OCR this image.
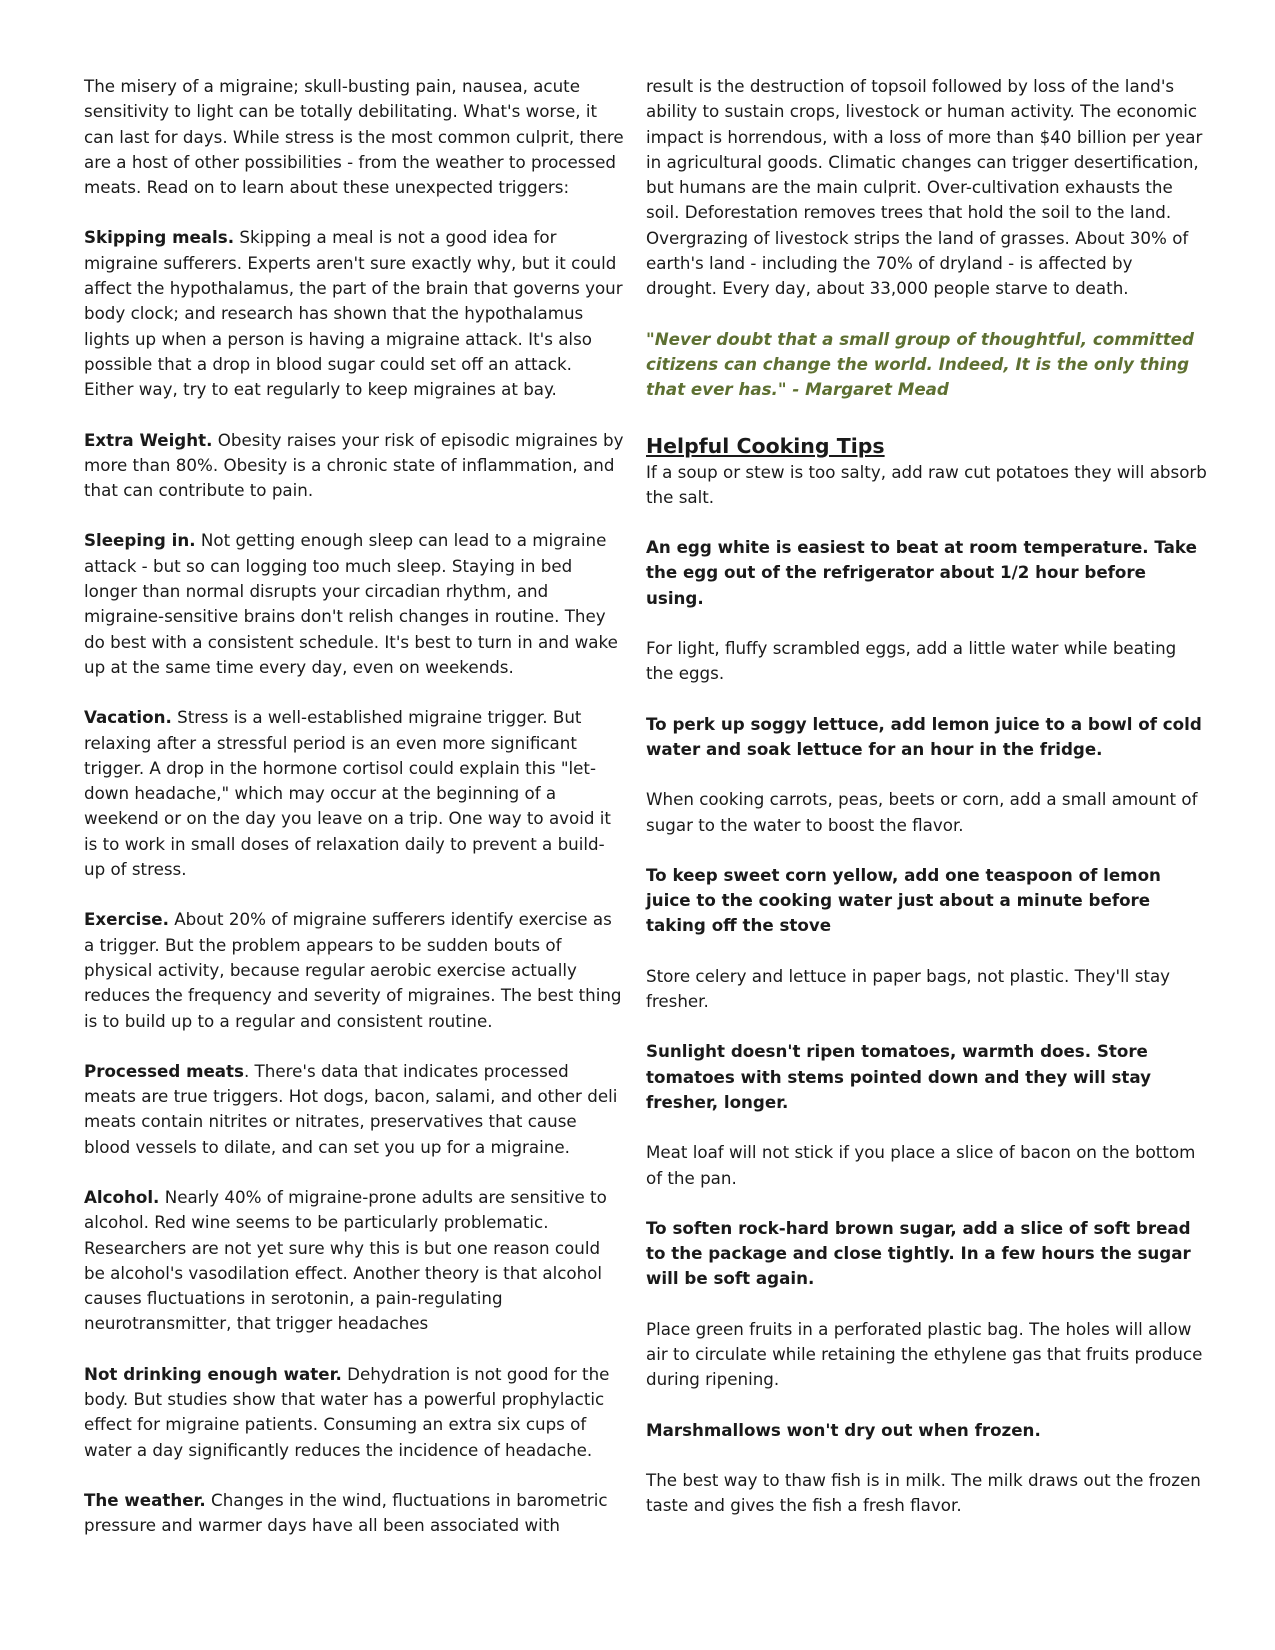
The misery of a migraine; skull-busting pain, nausea, acute sensitivity to light can be totally debilitating. What's worse, it can last for days. While stress is the most common culprit, there are a host of other possibilities - from the weather to processed meats. Read on to learn about these unexpected triggers:

Skipping meals. Skipping a meal is not a good idea for migraine sufferers. Experts aren't sure exactly why, but it could affect the hypothalamus, the part of the brain that governs your body clock; and research has shown that the hypothalamus lights up when a person is having a migraine attack. It's also possible that a drop in blood sugar could set off an attack. Either way, try to eat regularly to keep migraines at bay.

Extra Weight. Obesity raises your risk of episodic migraines by more than 80%. Obesity is a chronic state of inflammation, and that can contribute to pain.

Sleeping in. Not getting enough sleep can lead to a migraine attack - but so can logging too much sleep. Staying in bed longer than normal disrupts your circadian rhythm, and migraine-sensitive brains don't relish changes in routine. They do best with a consistent schedule. It's best to turn in and wake up at the same time every day, even on weekends.

Vacation. Stress is a well-established migraine trigger. But relaxing after a stressful period is an even more significant trigger. A drop in the hormone cortisol could explain this "let-down headache," which may occur at the beginning of a weekend or on the day you leave on a trip. One way to avoid it is to work in small doses of relaxation daily to prevent a build-up of stress.

Exercise. About 20% of migraine sufferers identify exercise as a trigger. But the problem appears to be sudden bouts of physical activity, because regular aerobic exercise actually reduces the frequency and severity of migraines. The best thing is to build up to a regular and consistent routine.

Processed meats. There's data that indicates processed meats are true triggers. Hot dogs, bacon, salami, and other deli meats contain nitrites or nitrates, preservatives that cause blood vessels to dilate, and can set you up for a migraine.

Alcohol. Nearly 40% of migraine-prone adults are sensitive to alcohol. Red wine seems to be particularly problematic. Researchers are not yet sure why this is but one reason could be alcohol's vasodilation effect. Another theory is that alcohol causes fluctuations in serotonin, a pain-regulating neurotransmitter, that trigger headaches

Not drinking enough water. Dehydration is not good for the body. But studies show that water has a powerful prophylactic effect for migraine patients. Consuming an extra six cups of water a day significantly reduces the incidence of headache.

The weather. Changes in the wind, fluctuations in barometric pressure and warmer days have all been associated with

result is the destruction of topsoil followed by loss of the land's ability to sustain crops, livestock or human activity. The economic impact is horrendous, with a loss of more than $40 billion per year in agricultural goods. Climatic changes can trigger desertification, but humans are the main culprit. Over-cultivation exhausts the soil. Deforestation removes trees that hold the soil to the land. Overgrazing of livestock strips the land of grasses. About 30% of earth's land - including the 70% of dryland - is affected by drought. Every day, about 33,000 people starve to death.

"Never doubt that a small group of thoughtful, committed citizens can change the world. Indeed, It is the only thing that ever has." - Margaret Mead

Helpful Cooking Tips

If a soup or stew is too salty, add raw cut potatoes they will absorb the salt.

An egg white is easiest to beat at room temperature. Take the egg out of the refrigerator about 1/2 hour before using.

For light, fluffy scrambled eggs, add a little water while beating the eggs.

To perk up soggy lettuce, add lemon juice to a bowl of cold water and soak lettuce for an hour in the fridge.

When cooking carrots, peas, beets or corn, add a small amount of sugar to the water to boost the flavor.

To keep sweet corn yellow, add one teaspoon of lemon juice to the cooking water just about a minute before taking off the stove

Store celery and lettuce in paper bags, not plastic. They'll stay fresher.

Sunlight doesn't ripen tomatoes, warmth does. Store tomatoes with stems pointed down and they will stay fresher, longer.

Meat loaf will not stick if you place a slice of bacon on the bottom of the pan.

To soften rock-hard brown sugar, add a slice of soft bread to the package and close tightly. In a few hours the sugar will be soft again.

Place green fruits in a perforated plastic bag. The holes will allow air to circulate while retaining the ethylene gas that fruits produce during ripening.

Marshmallows won't dry out when frozen.

The best way to thaw fish is in milk. The milk draws out the frozen taste and gives the fish a fresh flavor.
